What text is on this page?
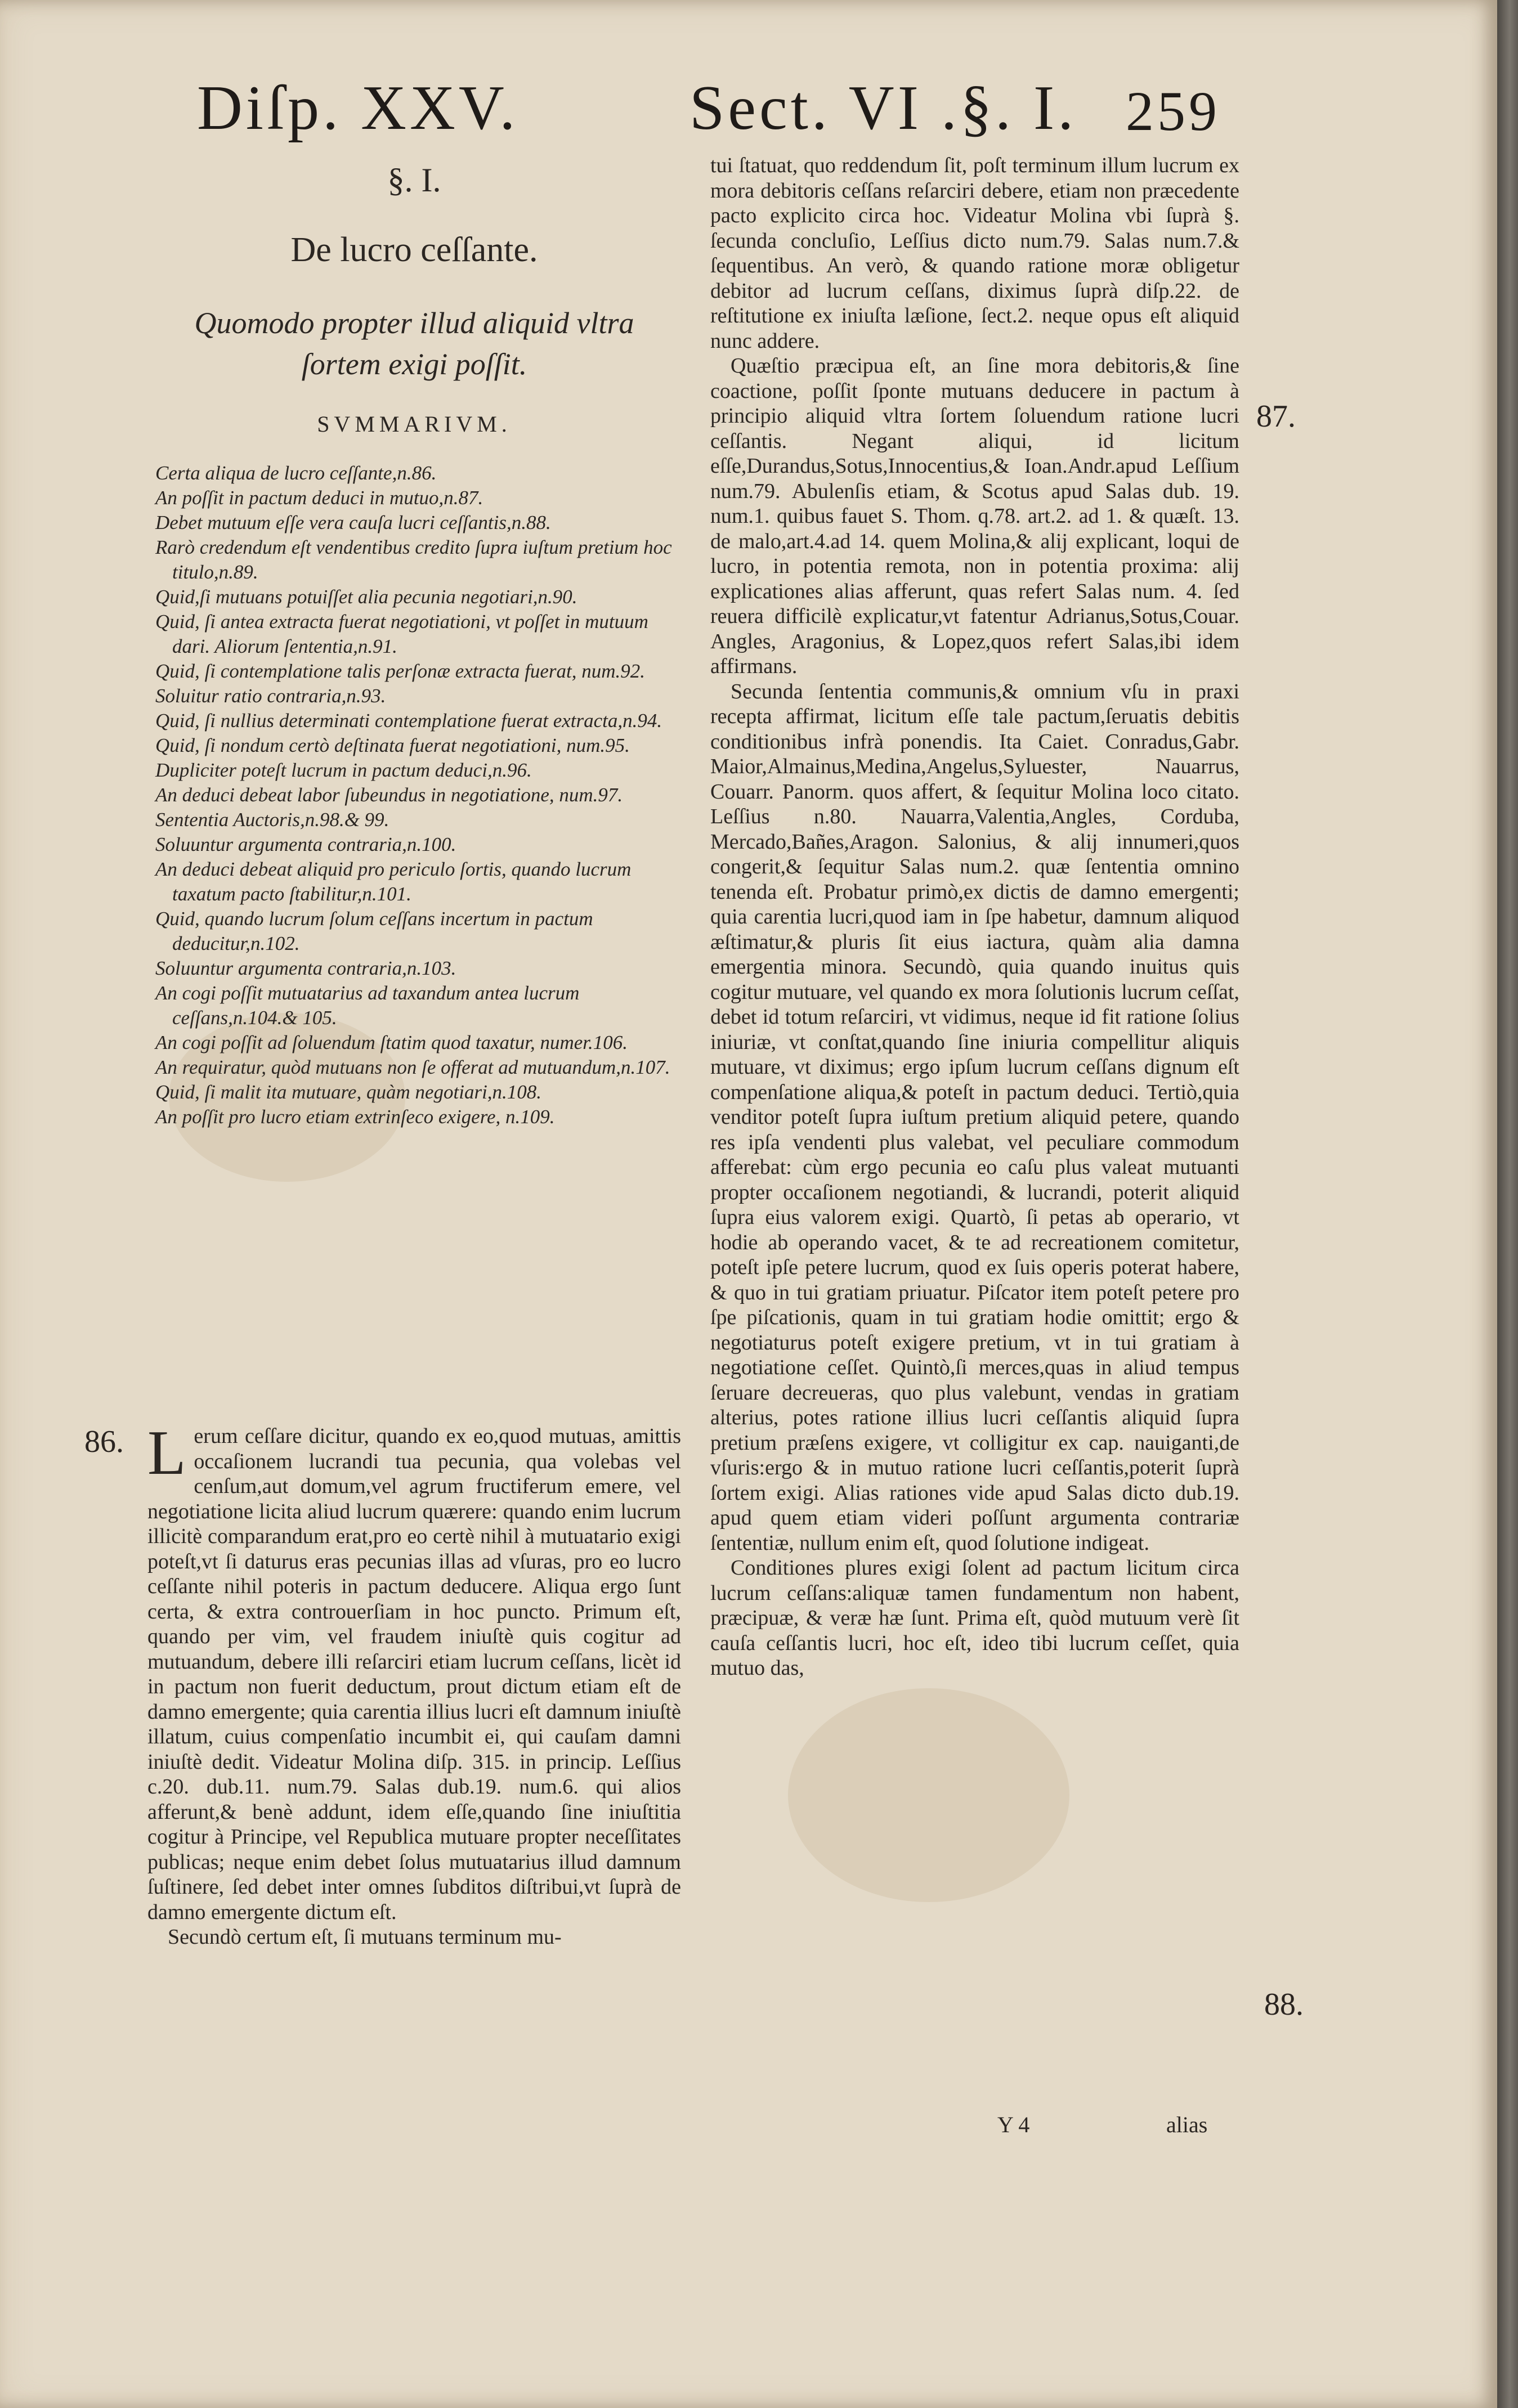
Diſp. XXV.	Sect. VI .§. I. 259
§. I.
De lucro ceſſante.
Quomodo propter illud aliquid vltra ſortem exigi poſſit.
SVMMARIVM.
Certa aliqua de lucro ceſſante,n.86.
An poſſit in pactum deduci in mutuo,n.87.
Debet mutuum eſſe vera cauſa lucri ceſſantis,n.88.
Rarò credendum eſt vendentibus credito ſupra iuſtum pretium hoc titulo,n.89.
Quid,ſi mutuans potuiſſet alia pecunia negotiari,n.90.
Quid, ſi antea extracta fuerat negotiationi, vt poſſet in mutuum dari. Aliorum ſententia,n.91.
Quid, ſi contemplatione talis perſonæ extracta fuerat, num.92.
Soluitur ratio contraria,n.93.
Quid, ſi nullius determinati contemplatione fuerat extracta,n.94.
Quid, ſi nondum certò deſtinata fuerat negotiationi, num.95.
Dupliciter poteſt lucrum in pactum deduci,n.96.
An deduci debeat labor ſubeundus in negotiatione, num.97.
Sententia Auctoris,n.98.& 99.
Soluuntur argumenta contraria,n.100.
An deduci debeat aliquid pro periculo ſortis, quando lucrum taxatum pacto ſtabilitur,n.101.
Quid, quando lucrum ſolum ceſſans incertum in pactum deducitur,n.102.
Soluuntur argumenta contraria,n.103.
An cogi poſſit mutuatarius ad taxandum antea lucrum ceſſans,n.104.& 105.
An cogi poſſit ad ſoluendum ſtatim quod taxatur, numer.106.
An requiratur, quòd mutuans non ſe offerat ad mutuandum,n.107.
Quid, ſi malit ita mutuare, quàm negotiari,n.108.
An poſſit pro lucro etiam extrinſeco exigere, n.109.
86.
87.
88.

Lerum ceſſare dicitur, quando ex eo,quod mutuas, amittis occaſionem lucrandi tua pecunia, qua volebas vel cenſum,aut domum,vel agrum fructiferum emere, vel negotiatione licita aliud lucrum quærere: quando enim lucrum illicitè comparandum erat,pro eo certè nihil à mutuatario exigi poteſt,vt ſi daturus eras pecunias illas ad vſuras, pro eo lucro ceſſante nihil poteris in pactum deducere. Aliqua ergo ſunt certa, & extra controuerſiam in hoc puncto. Primum eſt, quando per vim, vel fraudem iniuſtè quis cogitur ad mutuandum, debere illi reſarciri etiam lucrum ceſſans, licèt id in pactum non fuerit deductum, prout dictum etiam eſt de damno emergente; quia carentia illius lucri eſt damnum iniuſtè illatum, cuius compenſatio incumbit ei, qui cauſam damni iniuſtè dedit. Videatur Molina diſp. 315. in princip. Leſſius c.20. dub.11. num.79. Salas dub.19. num.6. qui alios afferunt,& benè addunt, idem eſſe,quando ſine iniuſtitia cogitur à Principe, vel Republica mutuare propter neceſſitates publicas; neque enim debet ſolus mutuatarius illud damnum ſuſtinere, ſed debet inter omnes ſubditos diſtribui,vt ſuprà de damno emergente dictum eſt.

Secundò certum eſt, ſi mutuans terminum mu-

tui ſtatuat, quo reddendum ſit, poſt terminum illum lucrum ex mora debitoris ceſſans reſarciri debere, etiam non præcedente pacto explicito circa hoc. Videatur Molina vbi ſuprà §. ſecunda concluſio, Leſſius dicto num.79. Salas num.7.& ſequentibus. An verò, & quando ratione moræ obligetur debitor ad lucrum ceſſans, diximus ſuprà diſp.22. de reſtitutione ex iniuſta læſione, ſect.2. neque opus eſt aliquid nunc addere.

Quæſtio præcipua eſt, an ſine mora debitoris,& ſine coactione, poſſit ſponte mutuans deducere in pactum à principio aliquid vltra ſortem ſoluendum ratione lucri ceſſantis. Negant aliqui, id licitum eſſe,Durandus,Sotus,Innocentius,& Ioan.Andr.apud Leſſium num.79. Abulenſis etiam, & Scotus apud Salas dub. 19. num.1. quibus fauet S. Thom. q.78. art.2. ad 1. & quæſt. 13. de malo,art.4.ad 14. quem Molina,& alij explicant, loqui de lucro, in potentia remota, non in potentia proxima: alij explicationes alias afferunt, quas refert Salas num. 4. ſed reuera difficilè explicatur,vt fatentur Adrianus,Sotus,Couar. Angles, Aragonius, & Lopez,quos refert Salas,ibi idem affirmans.

Secunda ſententia communis,& omnium vſu in praxi recepta affirmat, licitum eſſe tale pactum,ſeruatis debitis conditionibus infrà ponendis. Ita Caiet. Conradus,Gabr. Maior,Almainus,Medina,Angelus,Syluester, Nauarrus, Couarr. Panorm. quos affert, & ſequitur Molina loco citato. Leſſius n.80. Nauarra,Valentia,Angles, Corduba, Mercado,Bañes,Aragon. Salonius, & alij innumeri,quos congerit,& ſequitur Salas num.2. quæ ſententia omnino tenenda eſt. Probatur primò,ex dictis de damno emergenti; quia carentia lucri,quod iam in ſpe habetur, damnum aliquod æſtimatur,& pluris ſit eius iactura, quàm alia damna emergentia minora. Secundò, quia quando inuitus quis cogitur mutuare, vel quando ex mora ſolutionis lucrum ceſſat, debet id totum reſarciri, vt vidimus, neque id fit ratione ſolius iniuriæ, vt conſtat,quando ſine iniuria compellitur aliquis mutuare, vt diximus; ergo ipſum lucrum ceſſans dignum eſt compenſatione aliqua,& poteſt in pactum deduci. Tertiò,quia venditor poteſt ſupra iuſtum pretium aliquid petere, quando res ipſa vendenti plus valebat, vel peculiare commodum afferebat: cùm ergo pecunia eo caſu plus valeat mutuanti propter occaſionem negotiandi, & lucrandi, poterit aliquid ſupra eius valorem exigi. Quartò, ſi petas ab operario, vt hodie ab operando vacet, & te ad recreationem comitetur, poteſt ipſe petere lucrum, quod ex ſuis operis poterat habere, & quo in tui gratiam priuatur. Piſcator item poteſt petere pro ſpe piſcationis, quam in tui gratiam hodie omittit; ergo & negotiaturus poteſt exigere pretium, vt in tui gratiam à negotiatione ceſſet. Quintò,ſi merces,quas in aliud tempus ſeruare decreueras, quo plus valebunt, vendas in gratiam alterius, potes ratione illius lucri ceſſantis aliquid ſupra pretium præſens exigere, vt colligitur ex cap. nauiganti,de vſuris:ergo & in mutuo ratione lucri ceſſantis,poterit ſuprà ſortem exigi. Alias rationes vide apud Salas dicto dub.19. apud quem etiam videri poſſunt argumenta contrariæ ſententiæ, nullum enim eſt, quod ſolutione indigeat.

Conditiones plures exigi ſolent ad pactum licitum circa lucrum ceſſans:aliquæ tamen fundamentum non habent, præcipuæ, & veræ hæ ſunt. Prima eſt, quòd mutuum verè ſit cauſa ceſſantis lucri, hoc eſt, ideo tibi lucrum ceſſet, quia mutuo das,

Y 4	alias
